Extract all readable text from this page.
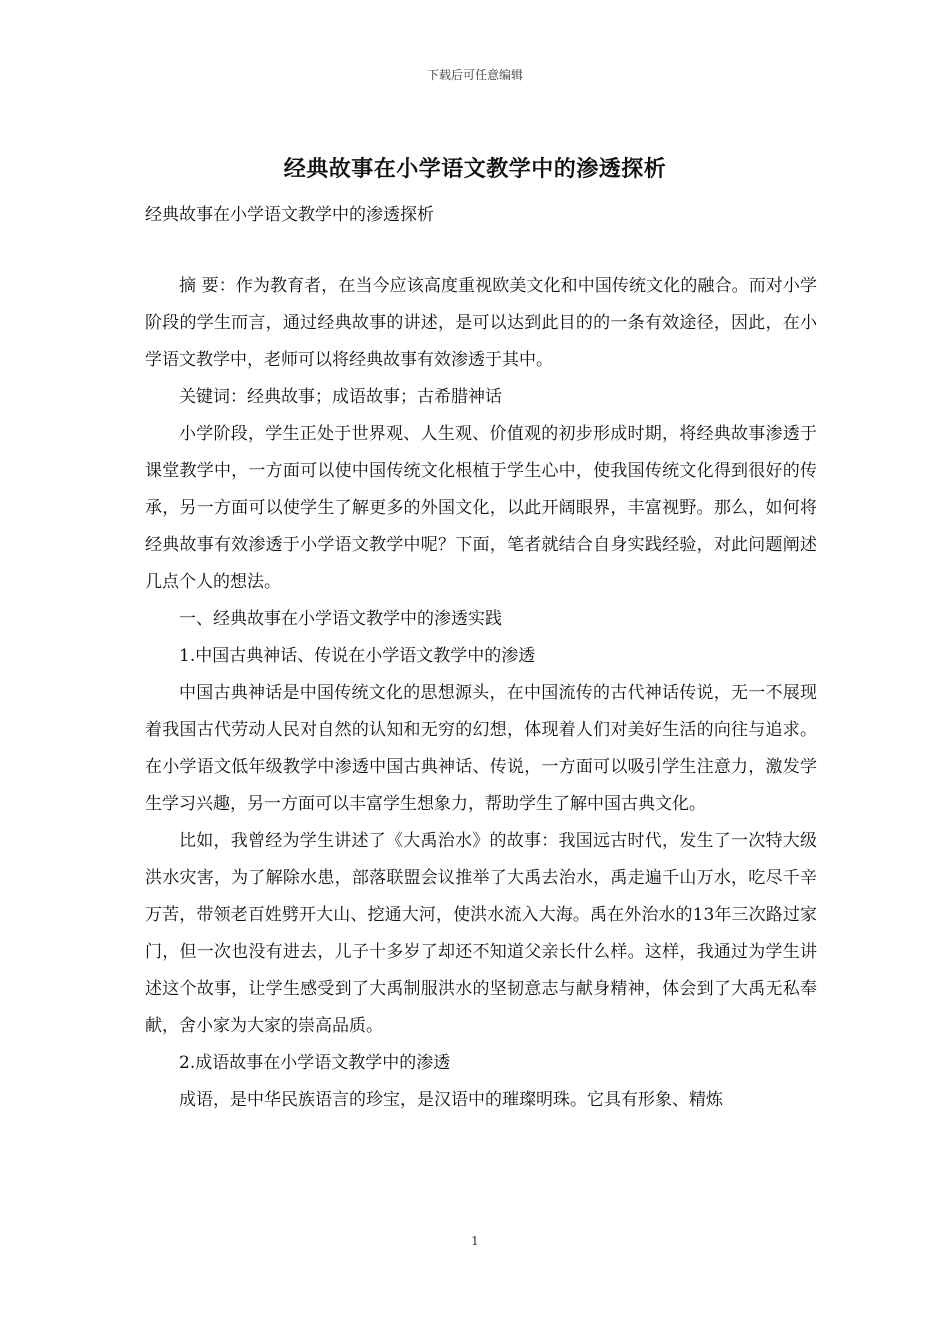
下载后可任意编辑
经典故事在小学语文教学中的渗透探析
经典故事在小学语文教学中的渗透探析

摘 要：作为教育者，在当今应该高度重视欧美文化和中国传统文化的融合。而对小学阶段的学生而言，通过经典故事的讲述，是可以达到此目的的一条有效途径，因此，在小学语文教学中，老师可以将经典故事有效渗透于其中。

关键词：经典故事；成语故事；古希腊神话

小学阶段，学生正处于世界观、人生观、价值观的初步形成时期，将经典故事渗透于课堂教学中，一方面可以使中国传统文化根植于学生心中，使我国传统文化得到很好的传承，另一方面可以使学生了解更多的外国文化，以此开阔眼界，丰富视野。那么，如何将经典故事有效渗透于小学语文教学中呢？下面，笔者就结合自身实践经验，对此问题阐述几点个人的想法。

一、经典故事在小学语文教学中的渗透实践

1.中国古典神话、传说在小学语文教学中的渗透

中国古典神话是中国传统文化的思想源头，在中国流传的古代神话传说，无一不展现着我国古代劳动人民对自然的认知和无穷的幻想，体现着人们对美好生活的向往与追求。在小学语文低年级教学中渗透中国古典神话、传说，一方面可以吸引学生注意力，激发学生学习兴趣，另一方面可以丰富学生想象力，帮助学生了解中国古典文化。

比如，我曾经为学生讲述了《大禹治水》的故事：我国远古时代，发生了一次特大级洪水灾害，为了解除水患，部落联盟会议推举了大禹去治水，禹走遍千山万水，吃尽千辛万苦，带领老百姓劈开大山、挖通大河，使洪水流入大海。禹在外治水的13年三次路过家门，但一次也没有进去，儿子十多岁了却还不知道父亲长什么样。这样，我通过为学生讲述这个故事，让学生感受到了大禹制服洪水的坚韧意志与献身精神，体会到了大禹无私奉献，舍小家为大家的崇高品质。

2.成语故事在小学语文教学中的渗透

成语，是中华民族语言的珍宝，是汉语中的璀璨明珠。它具有形象、精炼

1
